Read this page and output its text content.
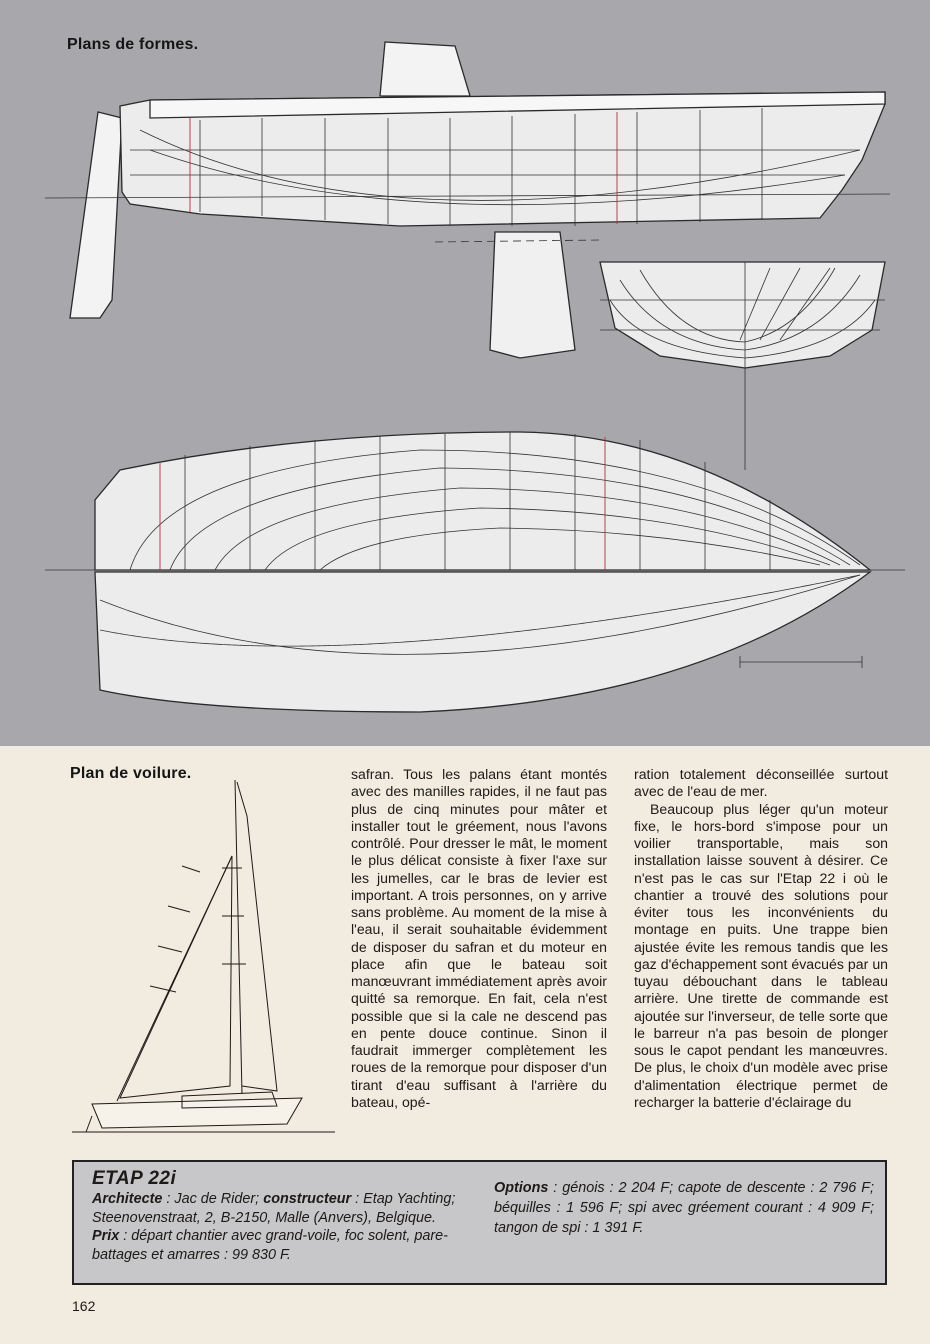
Plans de formes.
Plan de voilure.	safran. Tous les palans étant montés avec des manilles rapides, il ne faut pas plus de cinq minutes pour mâter et installer tout le gréement, nous l'avons contrôlé. Pour dresser le mât, le moment le plus délicat consiste à fixer l'axe sur les jumelles, car le bras de levier est important. A trois personnes, on y arrive sans problème. Au moment de la mise à l'eau, il serait souhaitable évidemment de disposer du safran et du moteur en place afin que le bateau soit manœuvrant immédiatement après avoir quitté sa remorque. En fait, cela n'est possible que si la cale ne descend pas en pente douce continue. Sinon il faudrait immerger complètement les roues de la remorque pour disposer d'un tirant d'eau suffisant à l'arrière du bateau, opé-

ration totalement déconseillée surtout avec de l'eau de mer.

Beaucoup plus léger qu'un moteur fixe, le hors-bord s'impose pour un voilier transportable, mais son installation laisse souvent à désirer. Ce n'est pas le cas sur l'Etap 22 i où le chantier a trouvé des solutions pour éviter tous les inconvénients du montage en puits. Une trappe bien ajustée évite les remous tandis que les gaz d'échappement sont évacués par un tuyau débouchant dans le tableau arrière. Une tirette de commande est ajoutée sur l'inverseur, de telle sorte que le barreur n'a pas besoin de plonger sous le capot pendant les manœuvres. De plus, le choix d'un modèle avec prise d'alimentation électrique permet de recharger la batterie d'éclairage du

ETAP 22i
Architecte : Jac de Rider; constructeur : Etap Yachting; Steenovenstraat, 2, B-2150, Malle (Anvers), Belgique.
Prix : départ chantier avec grand-voile, foc solent, pare-battages et amarres : 99 830 F.
Options : génois : 2 204 F; capote de descente : 2 796 F; béquilles : 1 596 F; spi avec gréement courant : 4 909 F; tangon de spi : 1 391 F.
162
